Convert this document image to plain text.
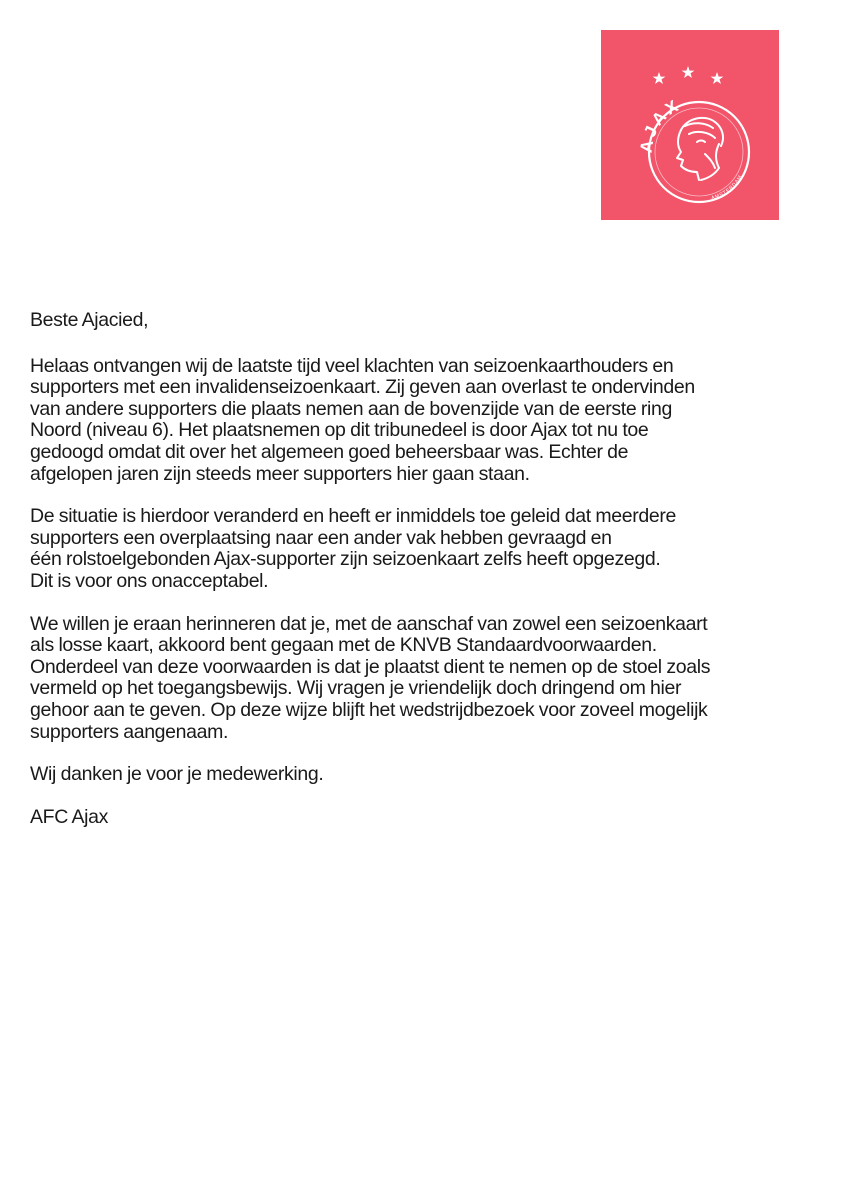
AJAX
AMSTERDAM

Beste Ajacied,

Helaas ontvangen wij de laatste tijd veel klachten van seizoenkaarthouders en
supporters met een invalidenseizoenkaart. Zij geven aan overlast te ondervinden
van andere supporters die plaats nemen aan de bovenzijde van de eerste ring
Noord (niveau 6). Het plaatsnemen op dit tribunedeel is door Ajax tot nu toe
gedoogd omdat dit over het algemeen goed beheersbaar was. Echter de
afgelopen jaren zijn steeds meer supporters hier gaan staan.

De situatie is hierdoor veranderd en heeft er inmiddels toe geleid dat meerdere
supporters een overplaatsing naar een ander vak hebben gevraagd en
één rolstoelgebonden Ajax-supporter zijn seizoenkaart zelfs heeft opgezegd.
Dit is voor ons onacceptabel.

We willen je eraan herinneren dat je, met de aanschaf van zowel een seizoenkaart
als losse kaart, akkoord bent gegaan met de KNVB Standaardvoorwaarden.
Onderdeel van deze voorwaarden is dat je plaatst dient te nemen op de stoel zoals
vermeld op het toegangsbewijs. Wij vragen je vriendelijk doch dringend om hier
gehoor aan te geven. Op deze wijze blijft het wedstrijdbezoek voor zoveel mogelijk
supporters aangenaam.

Wij danken je voor je medewerking.

AFC Ajax
